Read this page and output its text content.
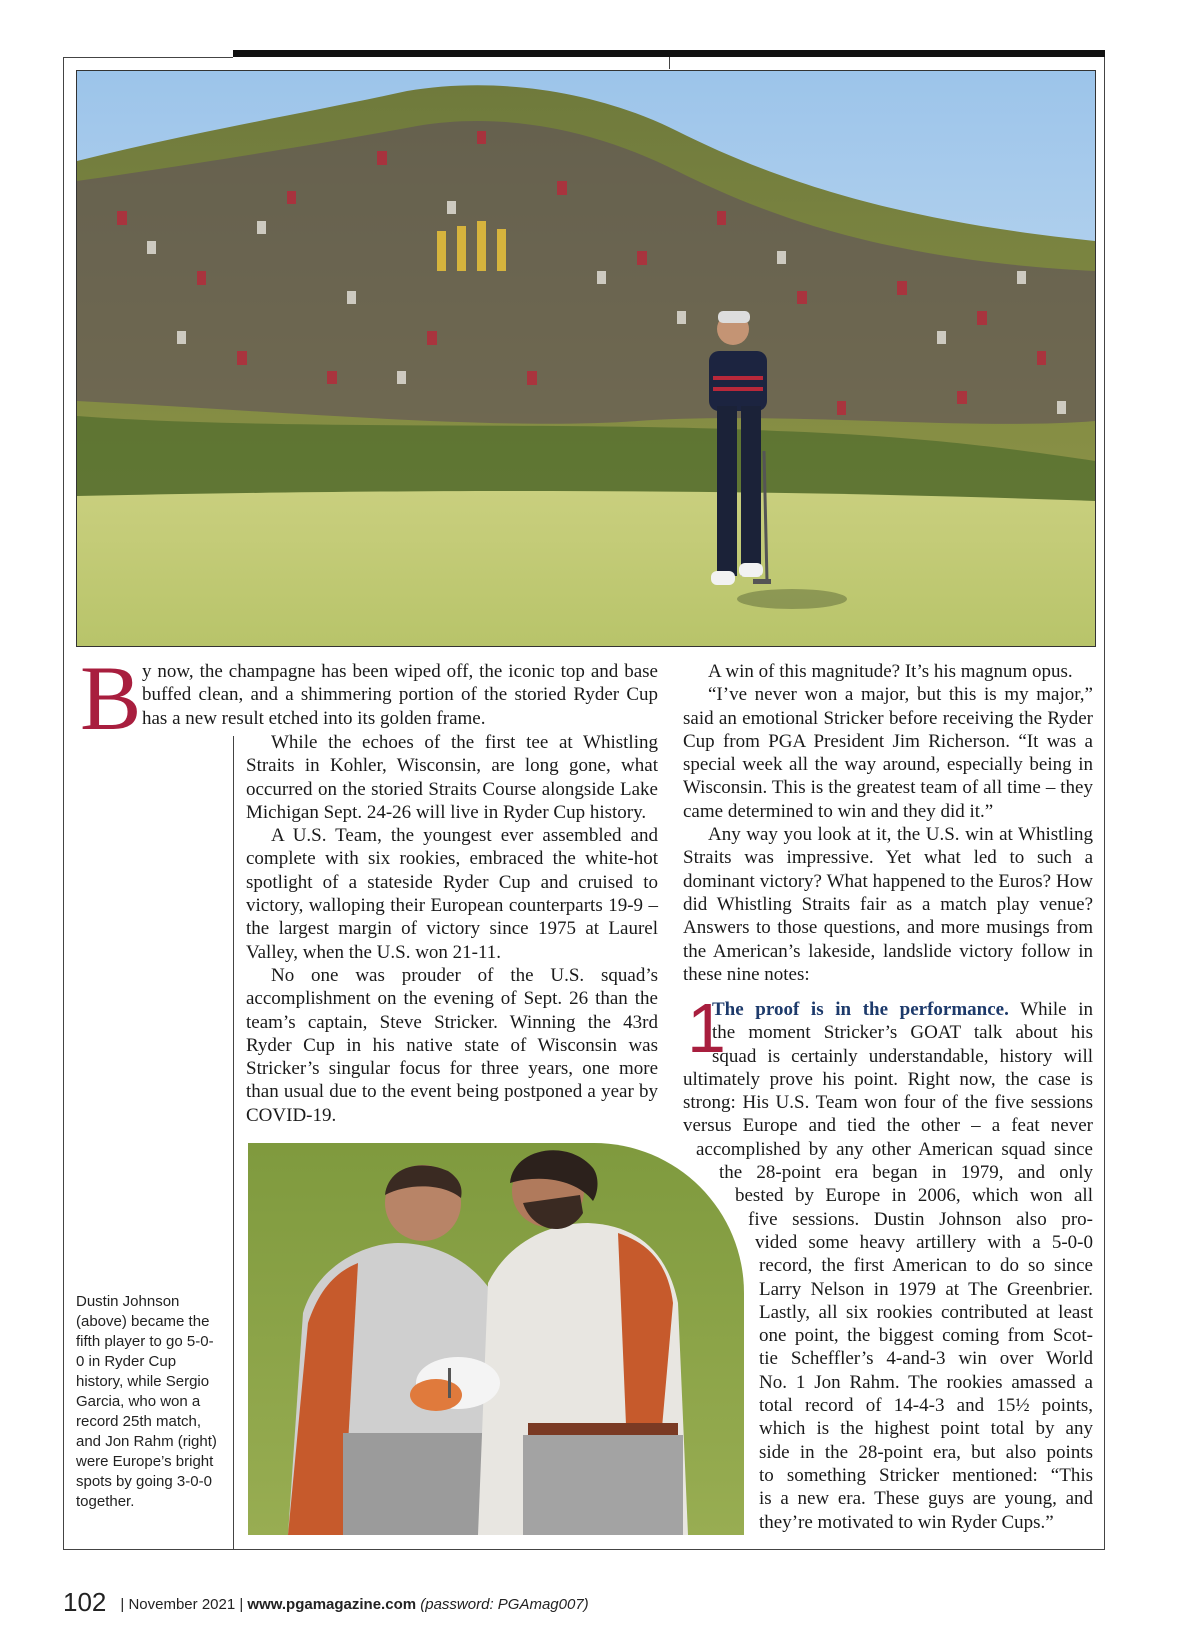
B y now, the champagne has been wiped off, the iconic top and base buffed clean, and a shimmering portion of the storied Ryder Cup has a new result etched into its golden frame.

While the echoes of the first tee at Whistling Straits in Kohler, Wisconsin, are long gone, what occurred on the storied Straits Course alongside Lake Michigan Sept. 24-26 will live in Ryder Cup history.

A U.S. Team, the youngest ever assembled and complete with six rookies, embraced the white-hot spotlight of a stateside Ryder Cup and cruised to victory, walloping their European counterparts 19-9 – the largest margin of victory since 1975 at Laurel Valley, when the U.S. won 21-11.

No one was prouder of the U.S. squad’s accomplishment on the evening of Sept. 26 than the team’s captain, Steve Stricker. Winning the 43rd Ryder Cup in his native state of Wisconsin was Stricker’s singular focus for three years, one more than usual due to the event being postponed a year by COVID-19.

A win of this magnitude? It’s his magnum opus.

“I’ve never won a major, but this is my major,” said an emotional Stricker before receiving the Ryder Cup from PGA President Jim Richerson. “It was a special week all the way around, especially being in Wisconsin. This is the greatest team of all time – they came determined to win and they did it.”

Any way you look at it, the U.S. win at Whistling Straits was impressive. Yet what led to such a dominant victory? What happened to the Euros? How did Whistling Straits fair as a match play venue? Answers to those questions, and more musings from the American’s lakeside, landslide victory follow in these nine notes:

1
The proof is in the performance. While in
the moment Stricker’s GOAT talk about his
squad is certainly understandable, history will
ultimately prove his point. Right now, the case is
strong: His U.S. Team won four of the five sessions
versus Europe and tied the other – a feat never
accomplished by any other American squad since
the 28-point era began in 1979, and only
bested by Europe in 2006, which won all
five sessions. Dustin Johnson also pro-
vided some heavy artillery with a 5-0-0
record, the first American to do so since
Larry Nelson in 1979 at The Greenbrier.
Lastly, all six rookies contributed at least
one point, the biggest coming from Scot-
tie Scheffler’s 4-and-3 win over World
No. 1 Jon Rahm. The rookies amassed a
total record of 14-4-3 and 15½ points,
which is the highest point total by any
side in the 28-point era, but also points
to something Stricker mentioned: “This
is a new era. These guys are young, and
they’re motivated to win Ryder Cups.”
Dustin Johnson (above) became the fifth player to go 5-0-0 in Ryder Cup history, while Sergio Garcia, who won a record 25th match, and Jon Rahm (right) were Europe’s bright spots by going 3-0-0 together.
102 | November 2021 | www.pgamagazine.com (password: PGAmag007)
